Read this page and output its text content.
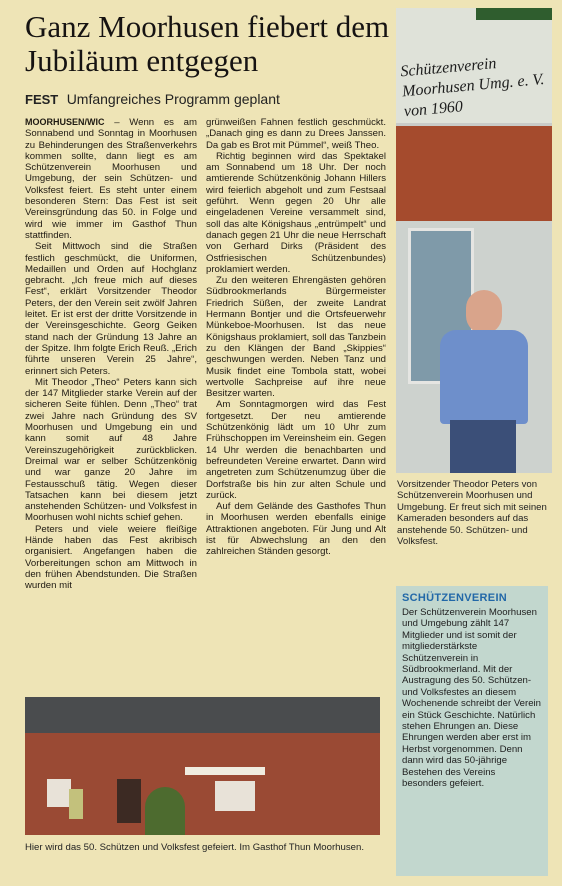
Ganz Moorhusen fiebert dem Jubiläum entgegen
FEST Umfangreiches Programm geplant

MOORHUSEN/WIC – Wenn es am Sonnabend und Sonntag in Moorhusen zu Behinderungen des Straßenverkehrs kommen sollte, dann liegt es am Schützenverein Moorhusen und Umgebung, der sein Schützen- und Volksfest feiert. Es steht unter einem besonderen Stern: Das Fest ist seit Vereinsgründung das 50. in Folge und wird wie immer im Gasthof Thun stattfinden.

Seit Mittwoch sind die Straßen festlich geschmückt, die Uniformen, Medaillen und Orden auf Hochglanz gebracht. „Ich freue mich auf dieses Fest“, erklärt Vorsitzender Theodor Peters, der den Verein seit zwölf Jahren leitet. Er ist erst der dritte Vorsitzende in der Vereinsgeschichte. Georg Geiken stand nach der Gründung 13 Jahre an der Spitze. Ihm folgte Erich Reuß. „Erich führte unseren Verein 25 Jahre“, erinnert sich Peters.

Mit Theodor „Theo“ Peters kann sich der 147 Mitglieder starke Verein auf der sicheren Seite fühlen. Denn „Theo“ trat zwei Jahre nach Gründung des SV Moorhusen und Umgebung ein und kann somit auf 48 Jahre Vereinszugehörigkeit zurückblicken. Dreimal war er selber Schützenkönig und war ganze 20 Jahre im Festausschuß tätig. Wegen dieser Tatsachen kann bei diesem jetzt anstehenden Schützen- und Volksfest in Moorhusen wohl nichts schief gehen.

Peters und viele weiere fleißige Hände haben das Fest akribisch organisiert. Angefangen haben die Vorbereitungen schon am Mittwoch in den frühen Abendstunden. Die Straßen wurden mit

grünweißen Fahnen festlich geschmückt. „Danach ging es dann zu Drees Janssen. Da gab es Brot mit Pümmel“, weiß Theo.

Richtig beginnen wird das Spektakel am Sonnabend um 18 Uhr. Der noch amtierende Schützenkönig Johann Hillers wird feierlich abgeholt und zum Festsaal geführt. Wenn gegen 20 Uhr alle eingeladenen Vereine versammelt sind, soll das alte Königshaus „entrümpelt“ und danach gegen 21 Uhr die neue Herrschaft von Gerhard Dirks (Präsident des Ostfriesischen Schützenbundes) proklamiert werden.

Zu den weiteren Ehrengästen gehören Südbrookmerlands Bürgermeister Friedrich Süßen, der zweite Landrat Hermann Bontjer und die Ortsfeuerwehr Münkeboe-Moorhusen. Ist das neue Königshaus proklamiert, soll das Tanzbein zu den Klängen der Band „Skippies“ geschwungen werden. Neben Tanz und Musik findet eine Tombola statt, wobei wertvolle Sachpreise auf ihre neue Besitzer warten.

Am Sonntagmorgen wird das Fest fortgesetzt. Der neu amtierende Schützenkönig lädt um 10 Uhr zum Frühschoppen im Vereinsheim ein. Gegen 14 Uhr werden die benachbarten und befreundeten Vereine erwartet. Dann wird angetreten zum Schützenumzug über die Dorfstraße bis hin zur alten Schule und zurück.

Auf dem Gelände des Gasthofes Thun in Moorhusen werden ebenfalls einige Attraktionen angeboten. Für Jung und Alt ist für Abwechslung an den den zahlreichen Ständen gesorgt.

Schützenverein Moorhusen Umg. e. V. von 1960
Vorsitzender Theodor Peters von Schützenverein Moorhusen und Umgebung. Er freut sich mit seinen Kameraden besonders auf das anstehende 50. Schützen- und Volksfest.
SCHÜTZENVEREIN

Der Schützenverein Moorhusen und Umgebung zählt 147 Mitglieder und ist somit der mitgliederstärkste Schützenverein in Südbrookmerland. Mit der Austragung des 50. Schützen- und Volksfestes an diesem Wochenende schreibt der Verein ein Stück Geschichte. Natürlich stehen Ehrungen an. Diese Ehrungen werden aber erst im Herbst vorgenommen. Denn dann wird das 50-jährige Bestehen des Vereins besonders gefeiert.

Hier wird das 50. Schützen und Volksfest gefeiert. Im Gasthof Thun Moorhusen.
